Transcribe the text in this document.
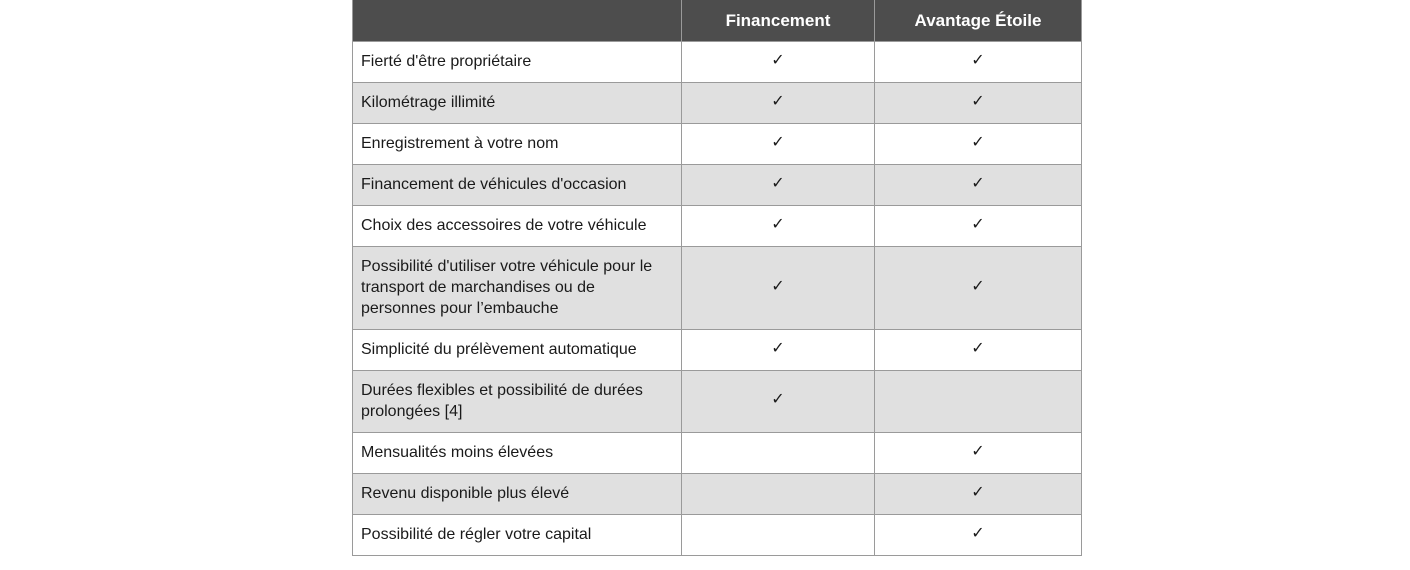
	Financement	Avantage Étoile
Fierté d'être propriétaire	✓	✓
Kilométrage illimité	✓	✓
Enregistrement à votre nom	✓	✓
Financement de véhicules d'occasion	✓	✓
Choix des accessoires de votre véhicule	✓	✓
Possibilité d'utiliser votre véhicule pour le transport de marchandises ou de personnes pour l’embauche	✓	✓
Simplicité du prélèvement automatique	✓	✓
Durées flexibles et possibilité de durées prolongées [4]	✓	
Mensualités moins élevées		✓
Revenu disponible plus élevé		✓
Possibilité de régler votre capital		✓
